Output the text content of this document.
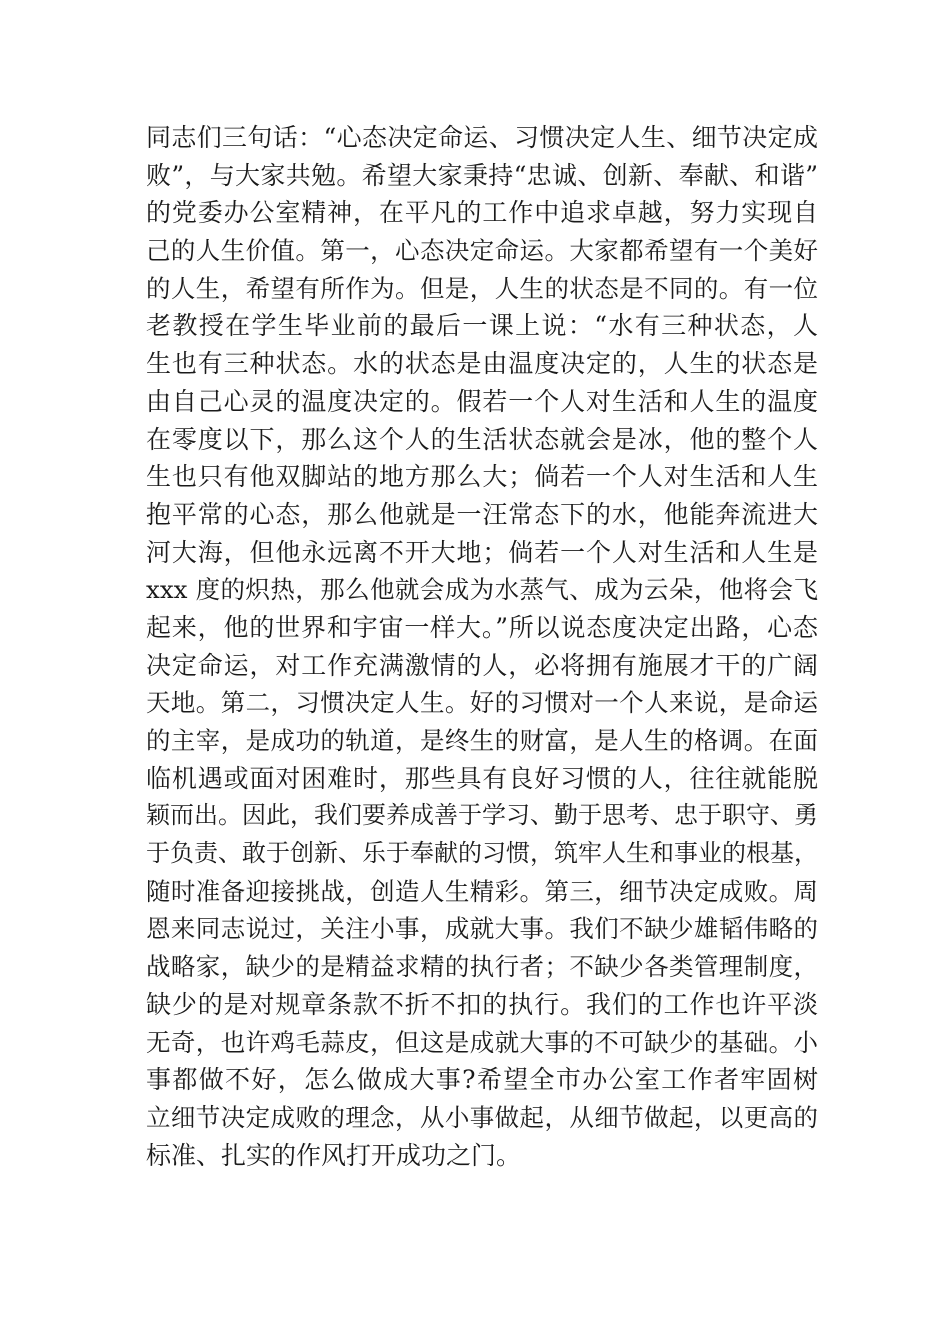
同志们三句话：“心态决定命运、习惯决定人生、细节决定成
败”，与大家共勉。希望大家秉持“忠诚、创新、奉献、和谐”
的党委办公室精神，在平凡的工作中追求卓越，努力实现自
己的人生价值。第一，心态决定命运。大家都希望有一个美好
的人生，希望有所作为。但是，人生的状态是不同的。有一位
老教授在学生毕业前的最后一课上说：“水有三种状态，人
生也有三种状态。水的状态是由温度决定的，人生的状态是
由自己心灵的温度决定的。假若一个人对生活和人生的温度
在零度以下，那么这个人的生活状态就会是冰，他的整个人
生也只有他双脚站的地方那么大；倘若一个人对生活和人生
抱平常的心态，那么他就是一汪常态下的水，他能奔流进大
河大海，但他永远离不开大地；倘若一个人对生活和人生是
xxx 度的炽热，那么他就会成为水蒸气、成为云朵，他将会飞
起来，他的世界和宇宙一样大。”所以说态度决定出路，心态
决定命运，对工作充满激情的人，必将拥有施展才干的广阔
天地。第二，习惯决定人生。好的习惯对一个人来说，是命运
的主宰，是成功的轨道，是终生的财富，是人生的格调。在面
临机遇或面对困难时，那些具有良好习惯的人，往往就能脱
颖而出。因此，我们要养成善于学习、勤于思考、忠于职守、勇
于负责、敢于创新、乐于奉献的习惯，筑牢人生和事业的根基，
随时准备迎接挑战，创造人生精彩。第三，细节决定成败。周
恩来同志说过，关注小事，成就大事。我们不缺少雄韬伟略的
战略家，缺少的是精益求精的执行者；不缺少各类管理制度，
缺少的是对规章条款不折不扣的执行。我们的工作也许平淡
无奇，也许鸡毛蒜皮，但这是成就大事的不可缺少的基础。小
事都做不好，怎么做成大事?希望全市办公室工作者牢固树
立细节决定成败的理念，从小事做起，从细节做起，以更高的
标准、扎实的作风打开成功之门。
